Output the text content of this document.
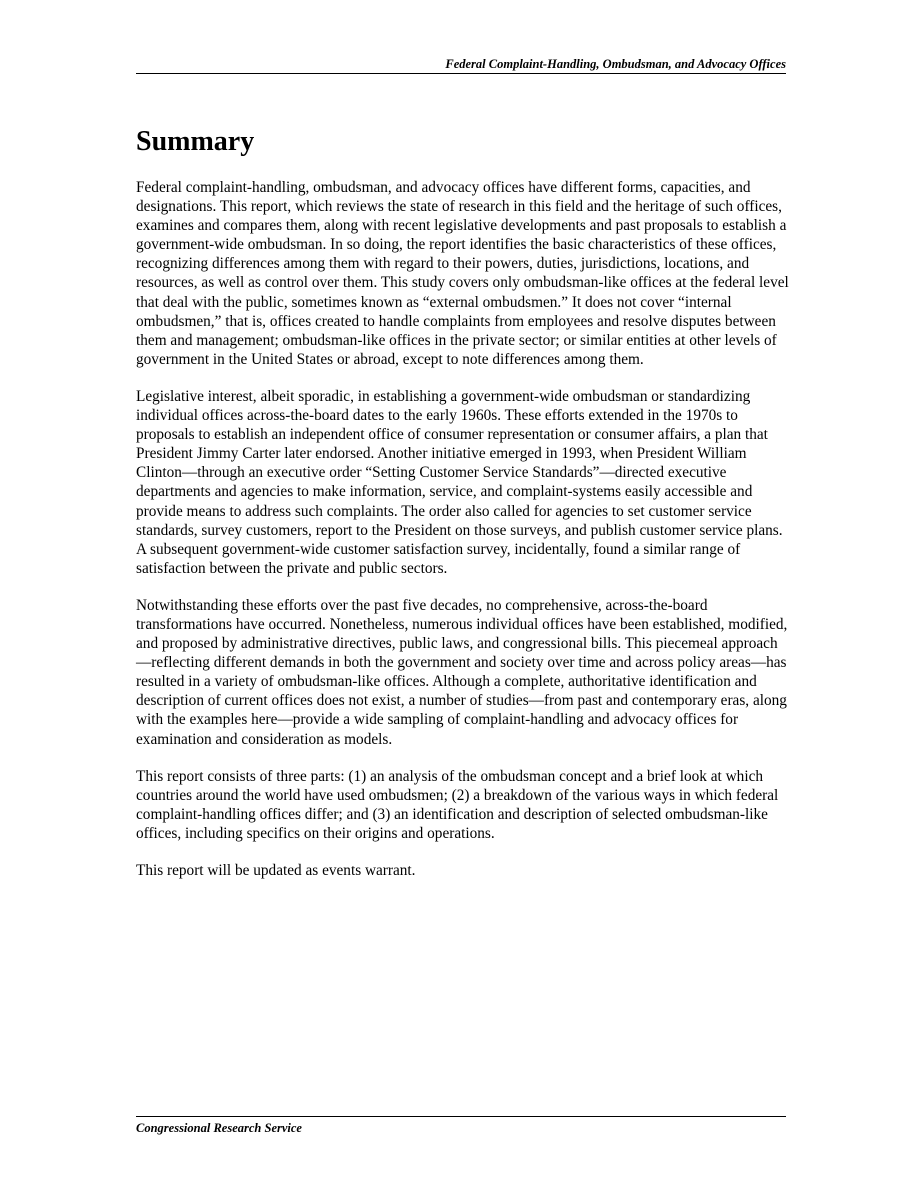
Federal Complaint-Handling, Ombudsman, and Advocacy Offices
Summary

Federal complaint-handling, ombudsman, and advocacy offices have different forms, capacities, and designations. This report, which reviews the state of research in this field and the heritage of such offices, examines and compares them, along with recent legislative developments and past proposals to establish a government-wide ombudsman. In so doing, the report identifies the basic characteristics of these offices, recognizing differences among them with regard to their powers, duties, jurisdictions, locations, and resources, as well as control over them. This study covers only ombudsman-like offices at the federal level that deal with the public, sometimes known as “external ombudsmen.” It does not cover “internal ombudsmen,” that is, offices created to handle complaints from employees and resolve disputes between them and management; ombudsman-like offices in the private sector; or similar entities at other levels of government in the United States or abroad, except to note differences among them.

Legislative interest, albeit sporadic, in establishing a government-wide ombudsman or standardizing individual offices across-the-board dates to the early 1960s. These efforts extended in the 1970s to proposals to establish an independent office of consumer representation or consumer affairs, a plan that President Jimmy Carter later endorsed. Another initiative emerged in 1993, when President William Clinton—through an executive order “Setting Customer Service Standards”—directed executive departments and agencies to make information, service, and complaint-systems easily accessible and provide means to address such complaints. The order also called for agencies to set customer service standards, survey customers, report to the President on those surveys, and publish customer service plans. A subsequent government-wide customer satisfaction survey, incidentally, found a similar range of satisfaction between the private and public sectors.

Notwithstanding these efforts over the past five decades, no comprehensive, across-the-board transformations have occurred. Nonetheless, numerous individual offices have been established, modified, and proposed by administrative directives, public laws, and congressional bills. This piecemeal approach—reflecting different demands in both the government and society over time and across policy areas—has resulted in a variety of ombudsman-like offices. Although a complete, authoritative identification and description of current offices does not exist, a number of studies—from past and contemporary eras, along with the examples here—provide a wide sampling of complaint-handling and advocacy offices for examination and consideration as models.

This report consists of three parts: (1) an analysis of the ombudsman concept and a brief look at which countries around the world have used ombudsmen; (2) a breakdown of the various ways in which federal complaint-handling offices differ; and (3) an identification and description of selected ombudsman-like offices, including specifics on their origins and operations.

This report will be updated as events warrant.

Congressional Research Service
